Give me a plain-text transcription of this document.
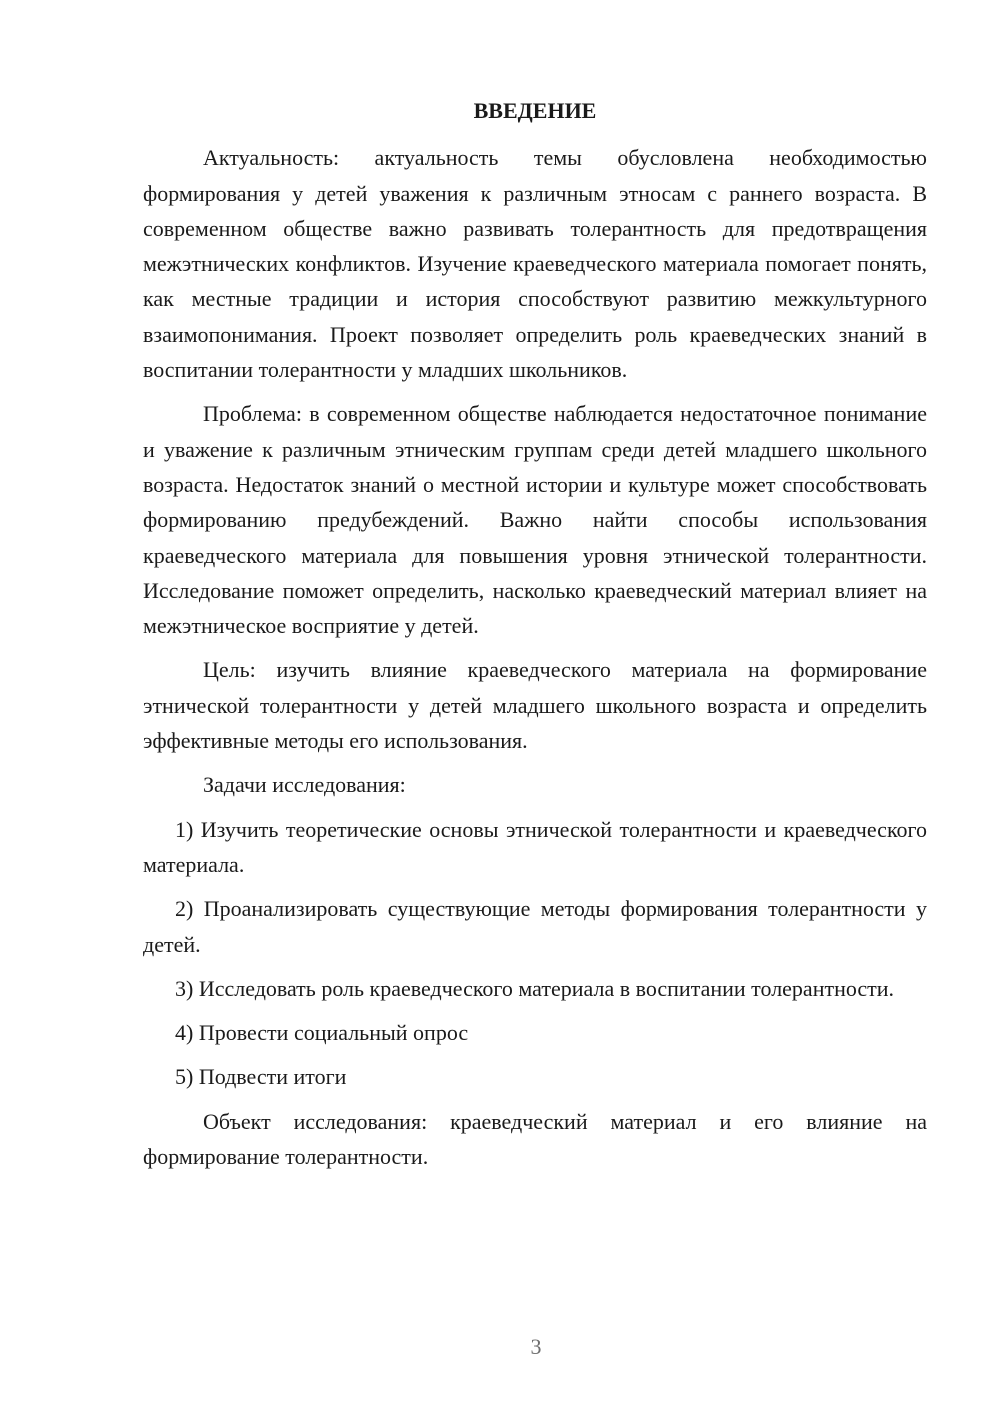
ВВЕДЕНИЕ

Актуальность: актуальность темы обусловлена необходимостью формирования у детей уважения к различным этносам с раннего возраста. В современном обществе важно развивать толерантность для предотвращения межэтнических конфликтов. Изучение краеведческого материала помогает понять, как местные традиции и история способствуют развитию межкультурного взаимопонимания. Проект позволяет определить роль краеведческих знаний в воспитании толерантности у младших школьников.

Проблема: в современном обществе наблюдается недостаточное понимание и уважение к различным этническим группам среди детей младшего школьного возраста. Недостаток знаний о местной истории и культуре может способствовать формированию предубеждений. Важно найти способы использования краеведческого материала для повышения уровня этнической толерантности. Исследование поможет определить, насколько краеведческий материал влияет на межэтническое восприятие у детей.

Цель: изучить влияние краеведческого материала на формирование этнической толерантности у детей младшего школьного возраста и определить эффективные методы его использования.

Задачи исследования:

1) Изучить теоретические основы этнической толерантности и краеведческого материала.

2) Проанализировать существующие методы формирования толерантности у детей.

3) Исследовать роль краеведческого материала в воспитании толерантности.

4) Провести социальный опрос

5) Подвести итоги

Объект исследования: краеведческий материал и его влияние на формирование толерантности.

3
